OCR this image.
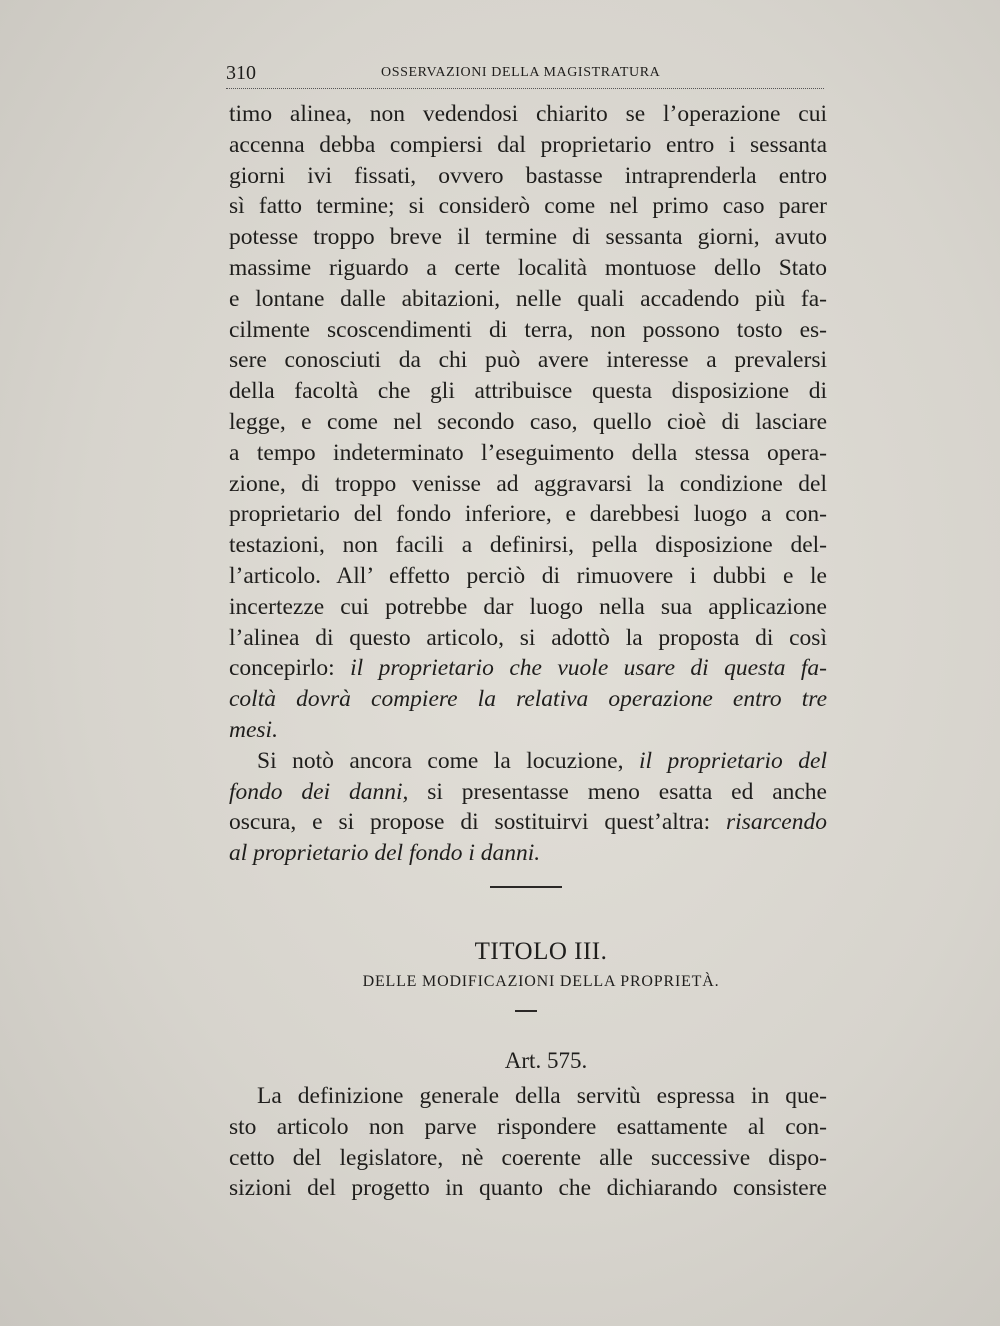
310	OSSERVAZIONI DELLA MAGISTRATURA
timo alinea, non vedendosi chiarito se l’operazione cui
accenna debba compiersi dal proprietario entro i sessanta
giorni ivi fissati, ovvero bastasse intraprenderla entro
sì fatto termine; si considerò come nel primo caso parer
potesse troppo breve il termine di sessanta giorni, avuto
massime riguardo a certe località montuose dello Stato
e lontane dalle abitazioni, nelle quali accadendo più fa-
cilmente scoscendimenti di terra, non possono tosto es-
sere conosciuti da chi può avere interesse a prevalersi
della facoltà che gli attribuisce questa disposizione di
legge, e come nel secondo caso, quello cioè di lasciare
a tempo indeterminato l’eseguimento della stessa opera-
zione, di troppo venisse ad aggravarsi la condizione del
proprietario del fondo inferiore, e darebbesi luogo a con-
testazioni, non facili a definirsi, pella disposizione del-
l’articolo. All’ effetto perciò di rimuovere i dubbi e le
incertezze cui potrebbe dar luogo nella sua applicazione
l’alinea di questo articolo, si adottò la proposta di così
concepirlo: il proprietario che vuole usare di questa fa-
coltà dovrà compiere la relativa operazione entro tre
mesi.
Si notò ancora come la locuzione, il proprietario del
fondo dei danni, si presentasse meno esatta ed anche
oscura, e si propose di sostituirvi quest’altra: risarcendo
al proprietario del fondo i danni.
TITOLO III.
DELLE MODIFICAZIONI DELLA PROPRIETÀ.
Art. 575.
La definizione generale della servitù espressa in que-
sto articolo non parve rispondere esattamente al con-
cetto del legislatore, nè coerente alle successive dispo-
sizioni del progetto in quanto che dichiarando consistere
